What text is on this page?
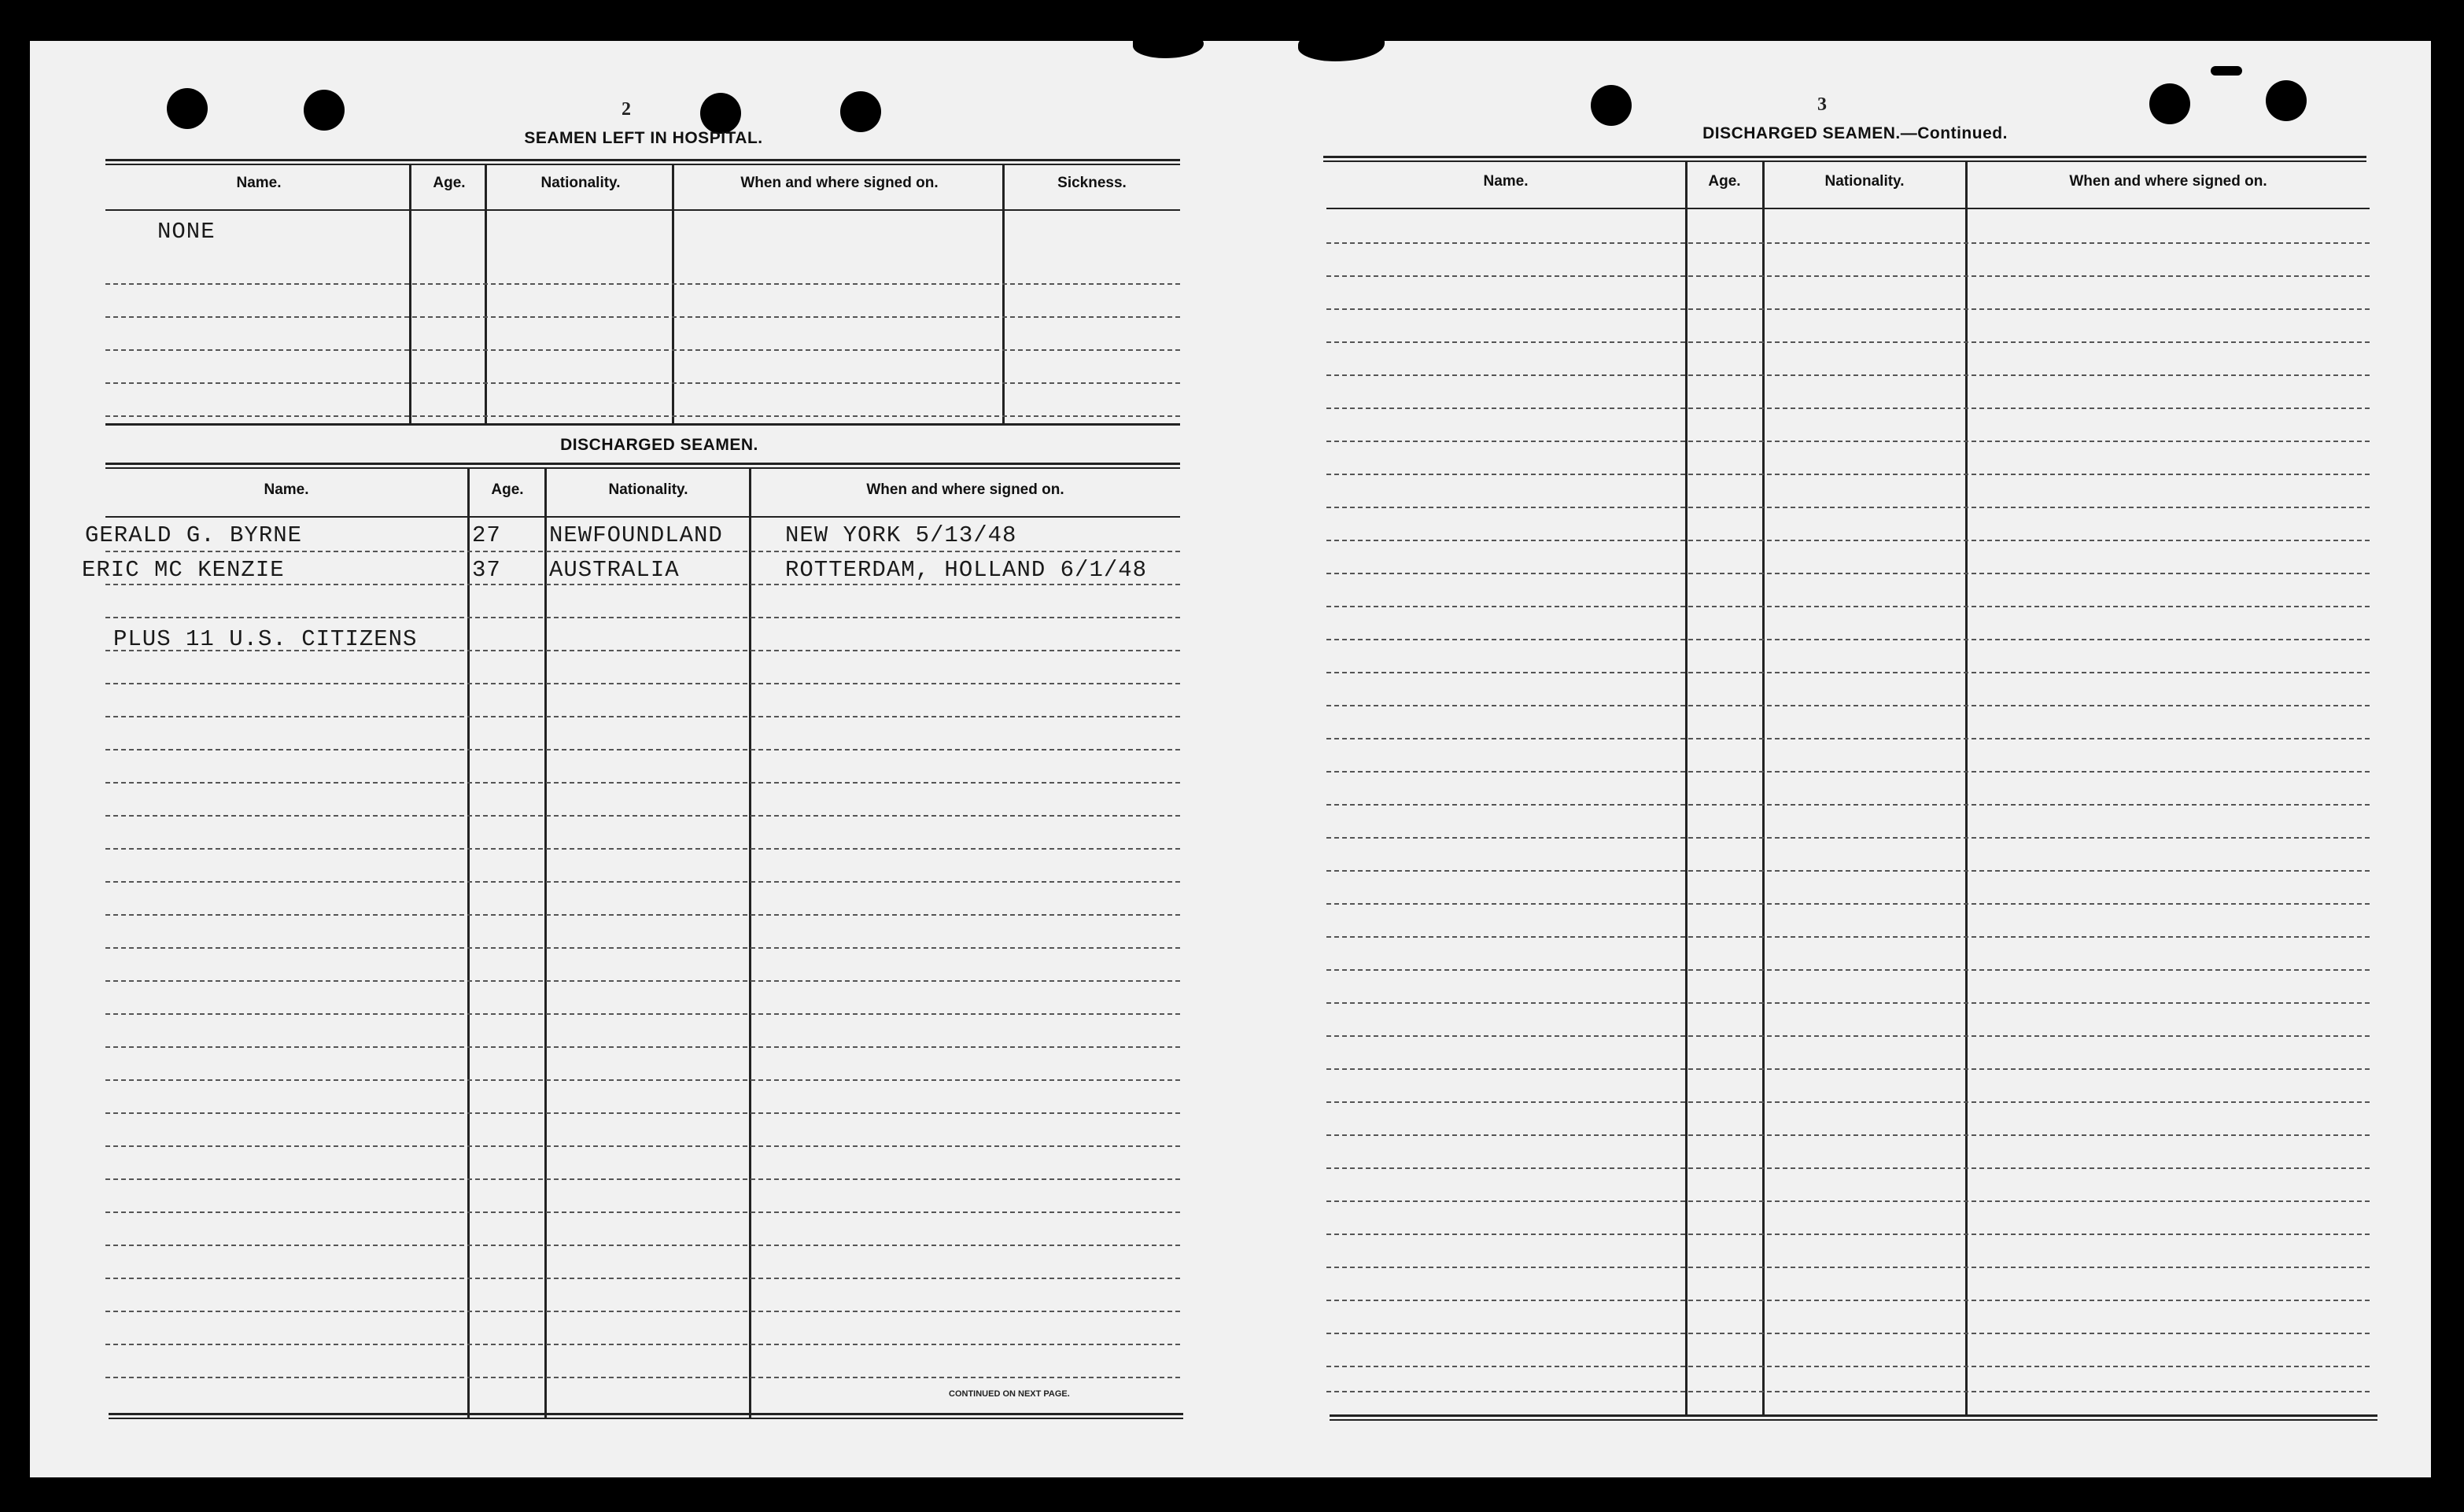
2
SEAMEN LEFT IN HOSPITAL.
Name.	Age.	Nationality.	When and where signed on.	Sickness.
NONE
DISCHARGED SEAMEN.
Name.	Age.	Nationality.	When and where signed on.
GERALD G. BYRNE	27 NEWFOUNDLAND	NEW YORK 5/13/48
ERIC MC KENZIE	37 AUSTRALIA	ROTTERDAM, HOLLAND 6/1/48
PLUS 11 U.S. CITIZENS
CONTINUED ON NEXT PAGE.
3
DISCHARGED SEAMEN.—Continued.
Name.	Age.	Nationality.	When and where signed on.
